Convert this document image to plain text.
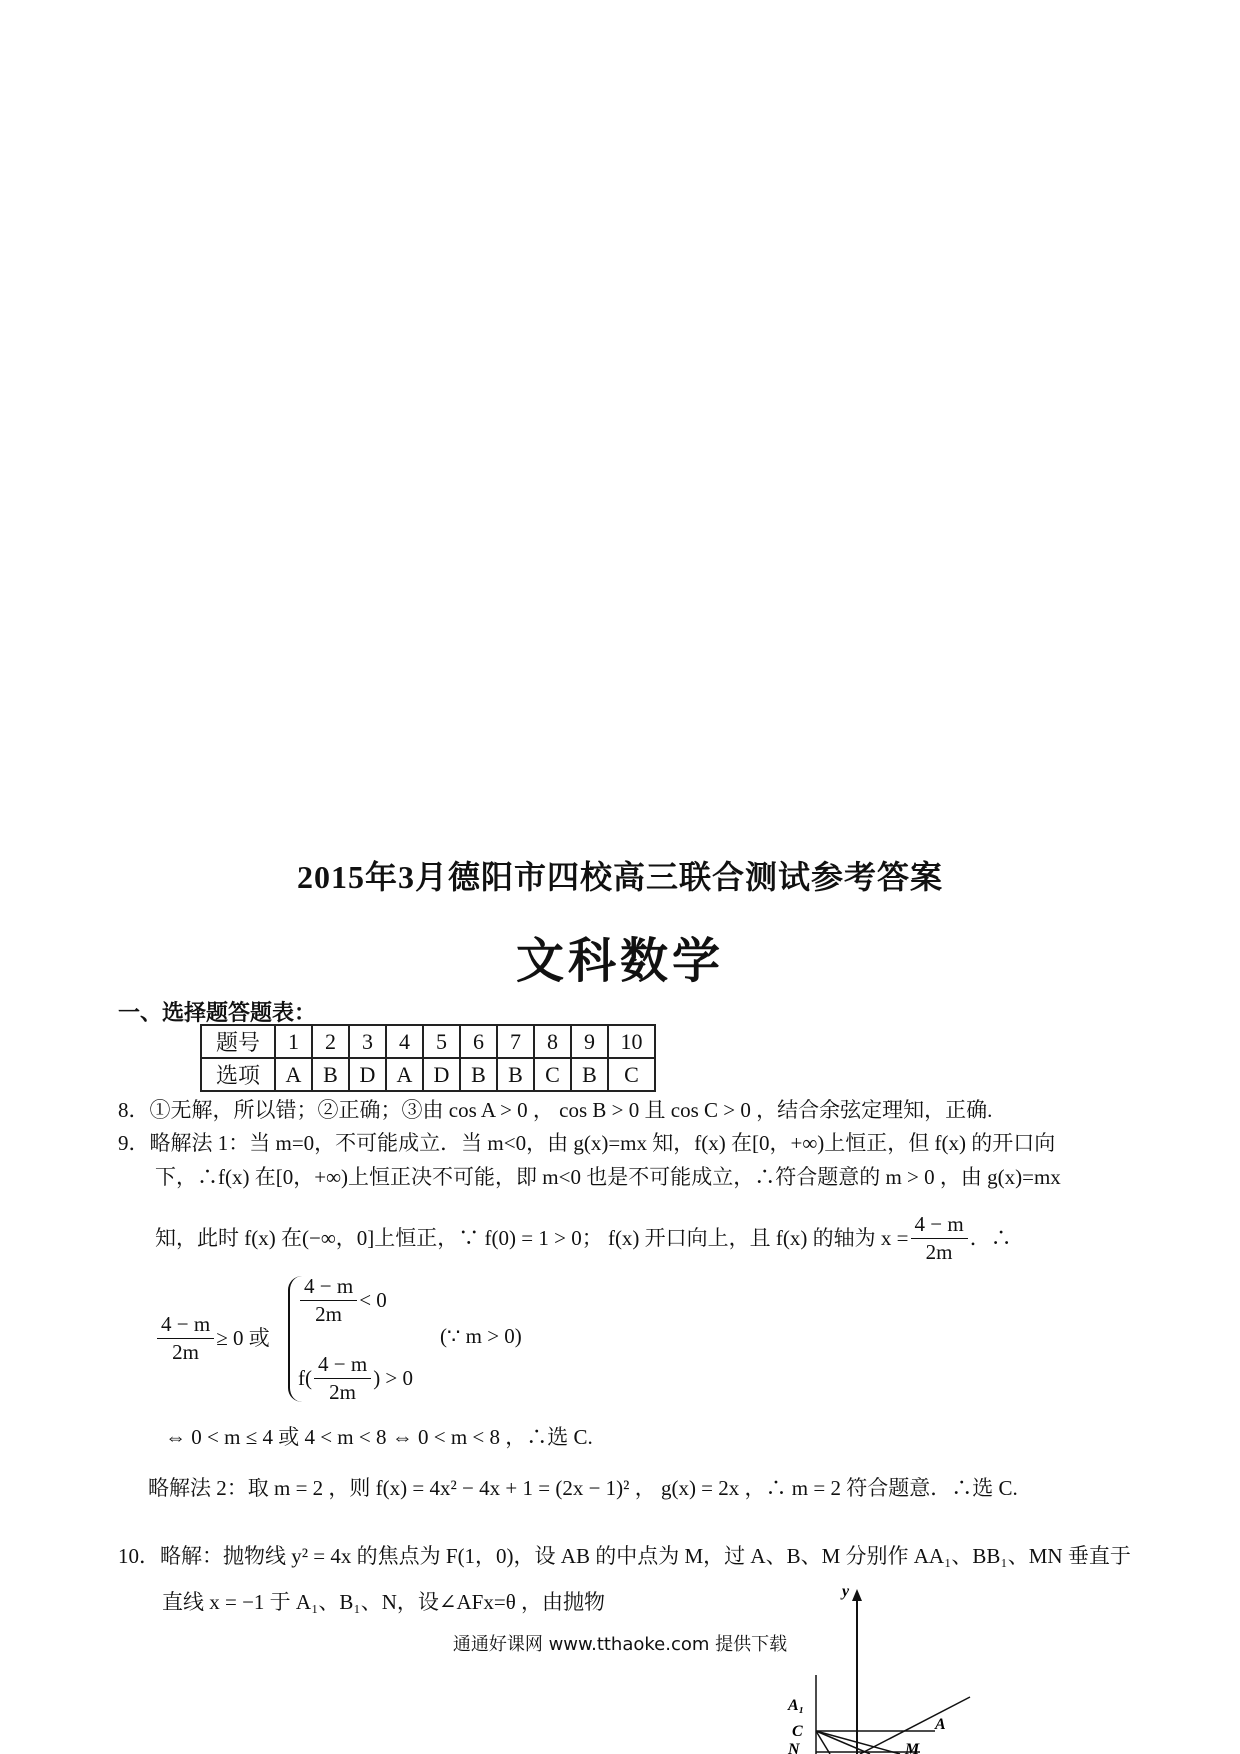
2015年3月德阳市四校高三联合测试参考答案
文科数学
一、选择题答题表：
题号	1	2	3	4	5	6	7	8	9	10
选项	A	B	D	A	D	B	B	C	B	C
8．①无解，所以错；②正确；③由 cos A > 0 ， cos B > 0 且 cos C > 0 ，结合余弦定理知，正确.
9．略解法 1：当 m=0，不可能成立．当 m<0，由 g(x)=mx 知，f(x) 在[0，+∞)上恒正，但 f(x) 的开口向
下，∴f(x) 在[0，+∞)上恒正决不可能，即 m<0 也是不可能成立，∴符合题意的 m > 0 ，由 g(x)=mx
知，此时 f(x) 在(−∞，0]上恒正，∵ f(0) = 1 > 0； f(x) 开口向上，且 f(x) 的轴为 $x = \frac{4 - m}{2m}$ ．∴
$\frac{4 - m}{2m} \ge 0$ 或
$\frac{4 - m}{2m} < 0$
$f( \frac{4 - m}{2m}$ ) > 0
(∵ m > 0)
⇔ 0 < m ≤ 4 或 4 < m < 8 ⇔ 0 < m < 8 ，∴选 C.
略解法 2：取 m = 2 ，则 f(x) = 4x² − 4x + 1 = (2x − 1)² ， g(x) = 2x ，∴ m = 2 符合题意．∴选 C.
10．略解：抛物线 y² = 4x 的焦点为 F(1，0)，设 AB 的中点为 M，过 A、B、M 分别作 AA₁、BB₁、MN 垂直于
直线 x = −1 于 A₁、B₁、N，设∠AFx=θ ，由抛物
通通好课网 www.tthaoke.com 提供下载
y
A₁
C	A
N	M
